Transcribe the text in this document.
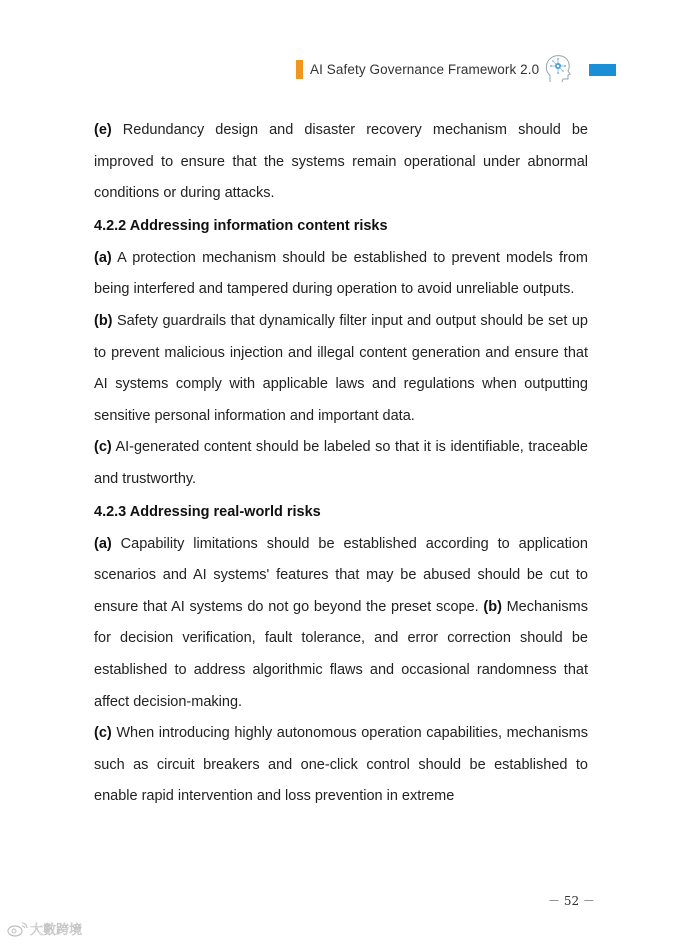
AI Safety Governance Framework 2.0

(e) Redundancy design and disaster recovery mechanism should be improved to ensure that the systems remain operational under abnormal conditions or during attacks.

4.2.2 Addressing information content risks

(a) A protection mechanism should be established to prevent models from being interfered and tampered during operation to avoid unreliable outputs.

(b) Safety guardrails that dynamically filter input and output should be set up to prevent malicious injection and illegal content generation and ensure that AI systems comply with applicable laws and regulations when outputting sensitive personal information and important data.

(c) AI-generated content should be labeled so that it is identifiable, traceable and trustworthy.

4.2.3 Addressing real-world risks

(a) Capability limitations should be established according to application scenarios and AI systems' features that may be abused should be cut to ensure that AI systems do not go beyond the preset scope. (b) Mechanisms for decision verification, fault tolerance, and error correction should be established to address algorithmic flaws and occasional randomness that affect decision-making.

(c) When introducing highly autonomous operation capabilities, mechanisms such as circuit breakers and one-click control should be established to enable rapid intervention and loss prevention in extreme

－ 52 －
大數跨境
